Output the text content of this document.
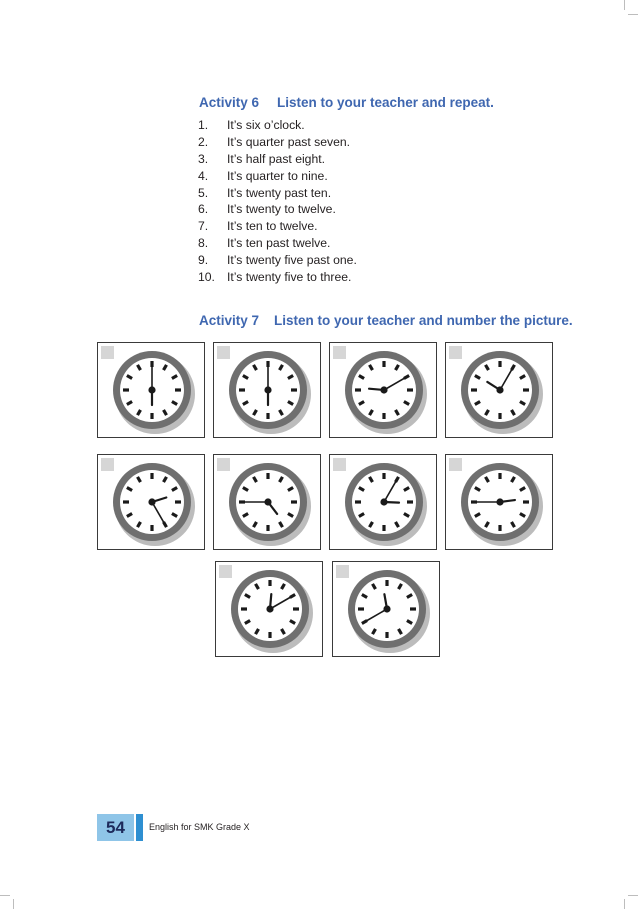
Activity 6 Listen to your teacher and repeat.
1. It’s six o’clock.
2. It’s quarter past seven.
3. It’s half past eight.
4. It’s quarter to nine.
5. It’s twenty past ten.
6. It’s twenty to twelve.
7. It’s ten to twelve.
8. It’s ten past twelve.
9. It’s twenty five past one.
10. It’s twenty five to three.
Activity 7 Listen to your teacher and number the picture.
54	English for SMK Grade X
